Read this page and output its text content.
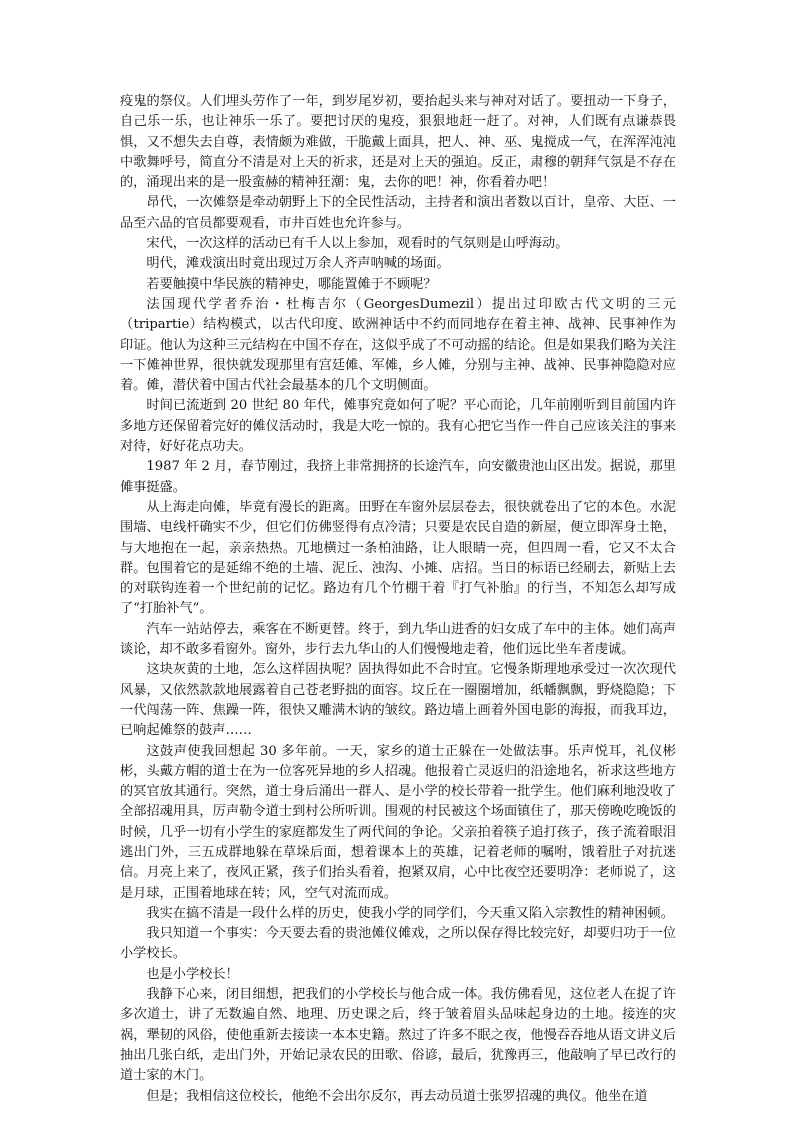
疫鬼的祭仪。人们埋头劳作了一年，到岁尾岁初，要抬起头来与神对对话了。要扭动一下身子，自己乐一乐，也让神乐一乐了。要把讨厌的鬼疫，狠狠地赶一赶了。对神，人们既有点谦恭畏惧，又不想失去自尊，表情颇为难做，干脆戴上面具，把人、神、巫、鬼搅成一气，在浑浑沌沌中歌舞呼号，简直分不清是对上天的祈求，还是对上天的强迫。反正，肃穆的朝拜气氛是不存在的，涌现出来的是一股蛮赫的精神狂潮：鬼，去你的吧！神，你看着办吧！

昂代，一次傩祭是牵动朝野上下的全民性活动，主持者和演出者数以百计，皇帝、大臣、一品至六品的官员都要观看，市井百姓也允许参与。

宋代，一次这样的活动已有千人以上参加，观看时的气氛则是山呼海动。

明代，滩戏演出时竟出现过万余人齐声呐喊的场面。

若要触摸中华民族的精神史，哪能置傩于不顾呢？

法国现代学者乔治・杜梅吉尔（GeorgesDumezil）提出过印欧古代文明的三元（tripartie）结构模式，以古代印度、欧洲神话中不约而同地存在着主神、战神、民事神作为印证。他认为这种三元结构在中国不存在，这似乎成了不可动摇的结论。但是如果我们略为关注一下傩神世界，很快就发现那里有宫廷傩、军傩，乡人傩，分别与主神、战神、民事神隐隐对应着。傩，潜伏着中国古代社会最基本的几个文明侧面。

时间已流逝到 20 世纪 80 年代，傩事究竟如何了呢？平心而论，几年前刚听到目前国内许多地方还保留着完好的傩仪活动时，我是大吃一惊的。我有心把它当作一件自己应该关注的事来对待，好好花点功夫。

1987 年 2 月，春节刚过，我挤上非常拥挤的长途汽车，向安徽贵池山区出发。据说，那里傩事挺盛。

从上海走向傩，毕竟有漫长的距离。田野在车窗外层层卷去，很快就卷出了它的本色。水泥围墙、电线杆确实不少，但它们仿佛竖得有点冷清；只要是农民自造的新屋，便立即浑身土艳，与大地抱在一起，亲亲热热。兀地横过一条柏油路，让人眼睛一亮，但四周一看，它又不太合群。包围着它的是延绵不绝的土墙、泥丘、浊沟、小摊、店招。当日的标语已经刷去，新贴上去的对联钩连着一个世纪前的记忆。路边有几个竹棚干着『打气补胎』的行当，不知怎么却写成了“打胎补气”。

汽车一站站停去，乘客在不断更替。终于，到九华山进香的妇女成了车中的主体。她们高声谈论，却不敢多看窗外。窗外，步行去九华山的人们慢慢地走着，他们远比坐车者虔诚。

这块灰黄的土地，怎么这样固执呢？固执得如此不合时宜。它慢条斯理地承受过一次次现代风暴，又依然款款地展露着自己苍老野拙的面容。坟丘在一圈圈增加，纸幡飘飘，野烧隐隐；下一代闯荡一阵、焦躁一阵，很快又雕满木讷的皱纹。路边墙上画着外国电影的海报，而我耳边，已响起傩祭的鼓声……

这鼓声使我回想起 30 多年前。一天，家乡的道士正躲在一处做法事。乐声悦耳，礼仪彬彬，头戴方帽的道士在为一位客死异地的乡人招魂。他报着亡灵返归的沿途地名，祈求这些地方的冥官放其通行。突然，道士身后涌出一群人、是小学的校长带着一批学生。他们麻利地没收了全部招魂用具，厉声勒令道士到村公所听训。围观的村民被这个场面镇住了，那天傍晚吃晚饭的时候，几乎一切有小学生的家庭都发生了两代间的争论。父亲拍着筷子追打孩子，孩子流着眼泪逃出门外，三五成群地躲在草垛后面，想着课本上的英雄，记着老师的嘱咐，饿着肚子对抗迷信。月亮上来了，夜风正紧，孩子们抬头看着，抱紧双肩，心中比夜空还要明净：老师说了，这是月球，正围着地球在转；风，空气对流而成。

我实在搞不清是一段什么样的历史，使我小学的同学们，今天重又陷入宗教性的精神困顿。

我只知道一个事实：今天要去看的贵池傩仪傩戏，之所以保存得比较完好，却要归功于一位小学校长。

也是小学校长！

我静下心来，闭目细想，把我们的小学校长与他合成一体。我仿佛看见，这位老人在捉了许多次道士，讲了无数遍自然、地理、历史课之后，终于皱着眉头品味起身边的土地。接连的灾祸，犟韧的风俗，使他重新去接读一本本史籍。熬过了许多不眠之夜，他慢吞吞地从语文讲义后抽出几张白纸，走出门外，开始记录农民的田歌、俗谚，最后，犹豫再三，他敲响了早已改行的道士家的木门。

但是；我相信这位校长，他绝不会出尔反尔，再去动员道士张罗招魂的典仪。他坐在道
